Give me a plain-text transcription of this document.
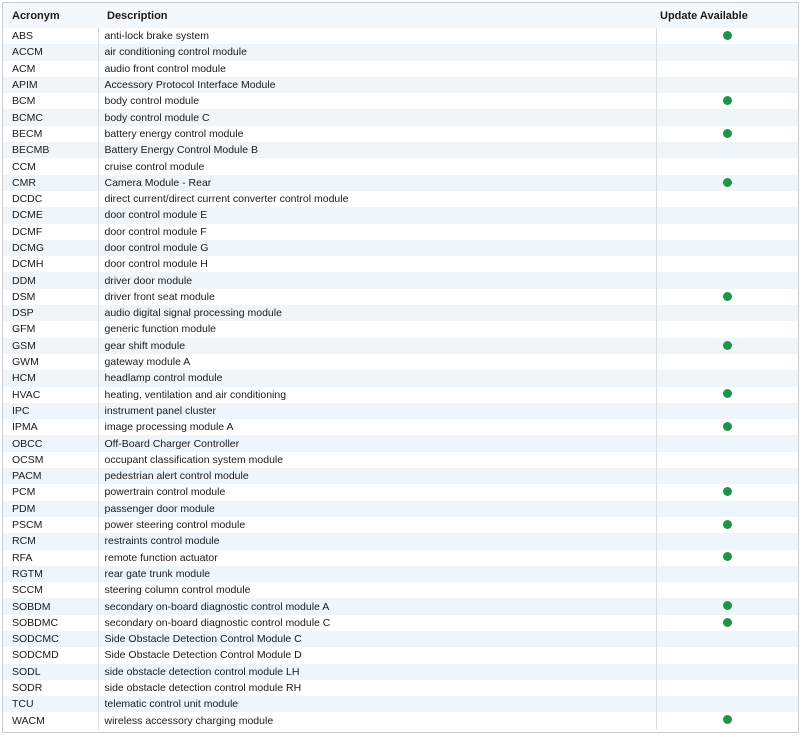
Acronym	Description	Update Available
ABS	anti-lock brake system	
ACCM	air conditioning control module	
ACM	audio front control module	
APIM	Accessory Protocol Interface Module	
BCM	body control module	
BCMC	body control module C	
BECM	battery energy control module	
BECMB	Battery Energy Control Module B	
CCM	cruise control module	
CMR	Camera Module - Rear	
DCDC	direct current/direct current converter control module	
DCME	door control module E	
DCMF	door control module F	
DCMG	door control module G	
DCMH	door control module H	
DDM	driver door module	
DSM	driver front seat module	
DSP	audio digital signal processing module	
GFM	generic function module	
GSM	gear shift module	
GWM	gateway module A	
HCM	headlamp control module	
HVAC	heating, ventilation and air conditioning	
IPC	instrument panel cluster	
IPMA	image processing module A	
OBCC	Off-Board Charger Controller	
OCSM	occupant classification system module	
PACM	pedestrian alert control module	
PCM	powertrain control module	
PDM	passenger door module	
PSCM	power steering control module	
RCM	restraints control module	
RFA	remote function actuator	
RGTM	rear gate trunk module	
SCCM	steering column control module	
SOBDM	secondary on-board diagnostic control module A	
SOBDMC	secondary on-board diagnostic control module C	
SODCMC	Side Obstacle Detection Control Module C	
SODCMD	Side Obstacle Detection Control Module D	
SODL	side obstacle detection control module LH	
SODR	side obstacle detection control module RH	
TCU	telematic control unit module	
WACM	wireless accessory charging module	
